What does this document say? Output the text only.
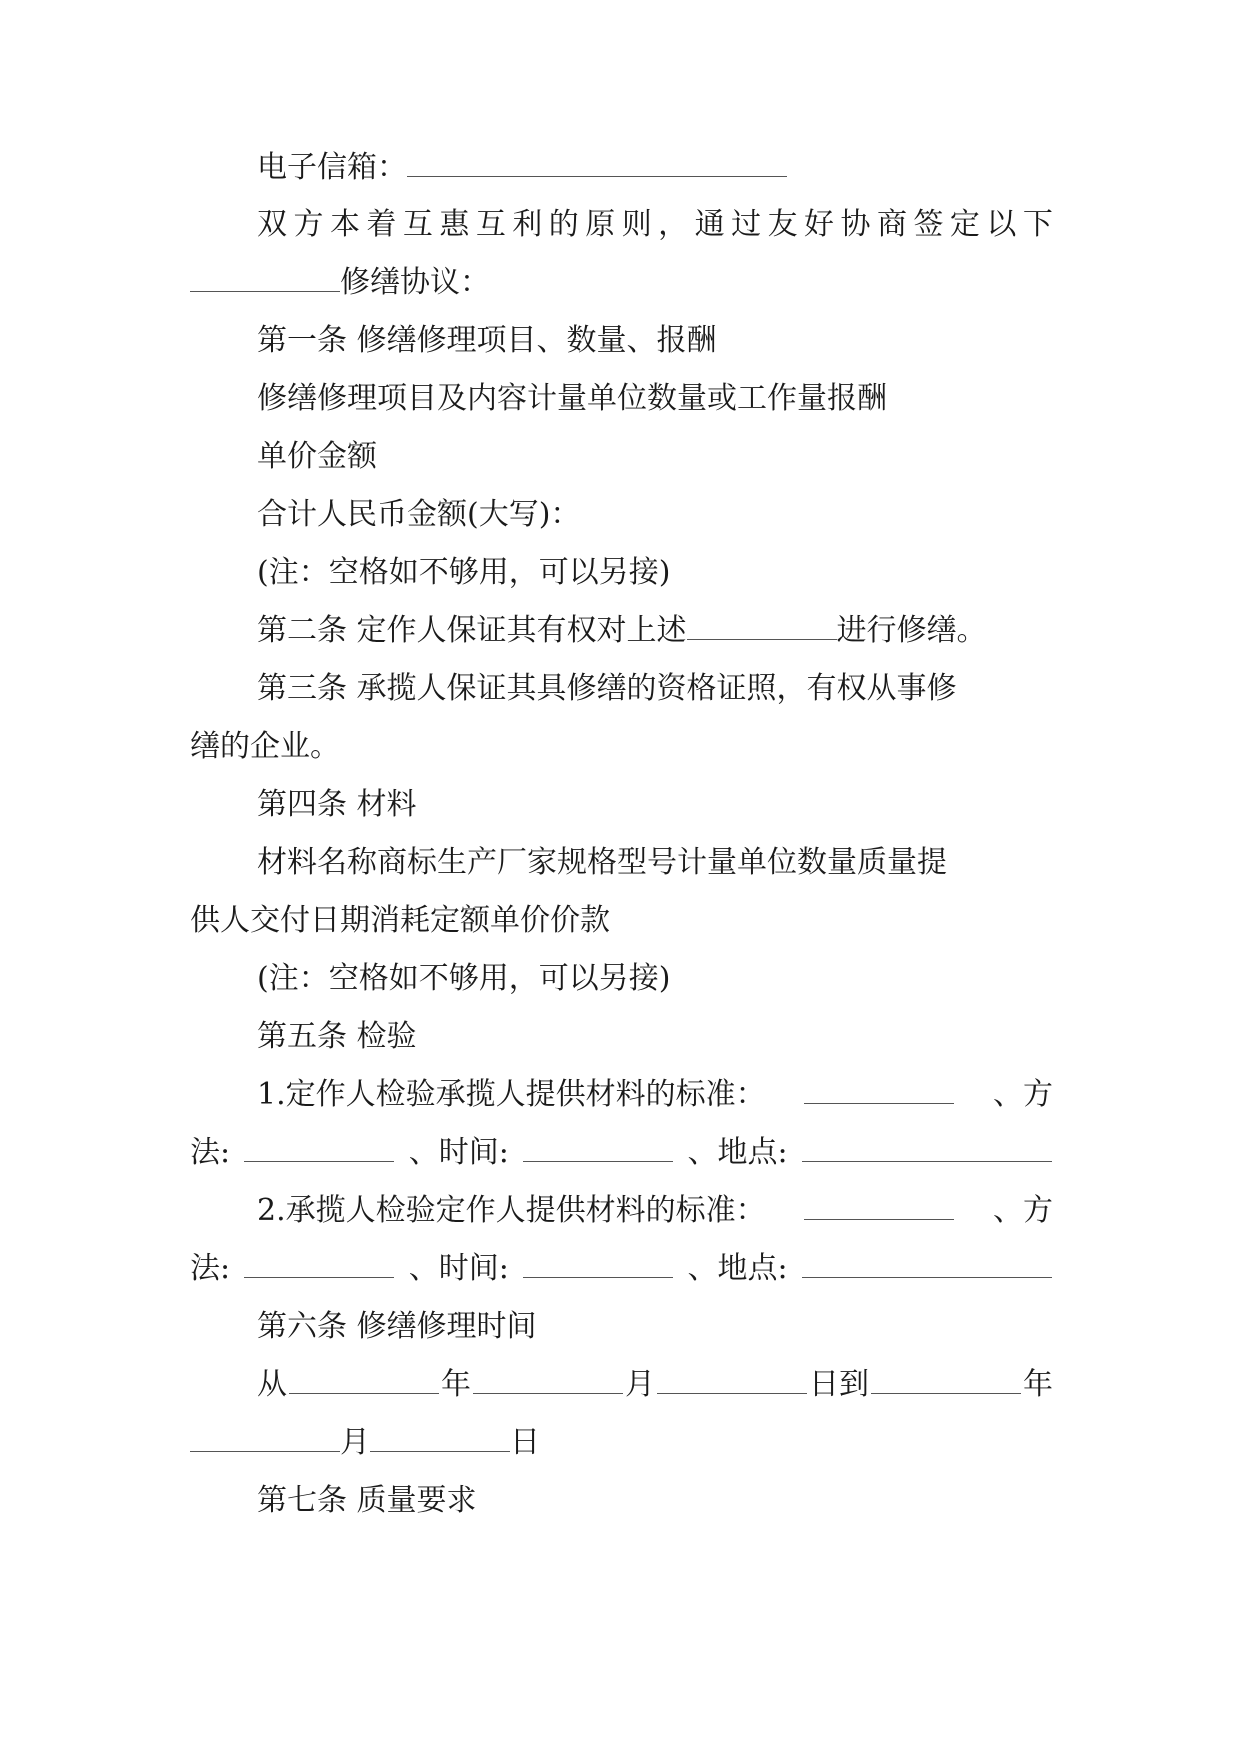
电子信箱：
双 方 本 着 互 惠 互 利 的 原 则 ， 通 过 友 好 协 商 签 定 以 下
修缮协议：
第一条 修缮修理项目、数量、报酬
修缮修理项目及内容计量单位数量或工作量报酬
单价金额
合计人民币金额(大写)：
(注：空格如不够用，可以另接)
第二条 定作人保证其有权对上述	进行修缮。
第三条 承揽人保证其具修缮的资格证照，有权从事修
缮的企业。
第四条 材料
材料名称商标生产厂家规格型号计量单位数量质量提
供人交付日期消耗定额单价价款
(注：空格如不够用，可以另接)
第五条 检验
1.定作人检验承揽人提供材料的标准：	、方
法:	、时间:	、地点:
2.承揽人检验定作人提供材料的标准：	、方
法:	、时间:	、地点:
第六条 修缮修理时间
从	年	月	日到	年
月	日
第七条 质量要求
